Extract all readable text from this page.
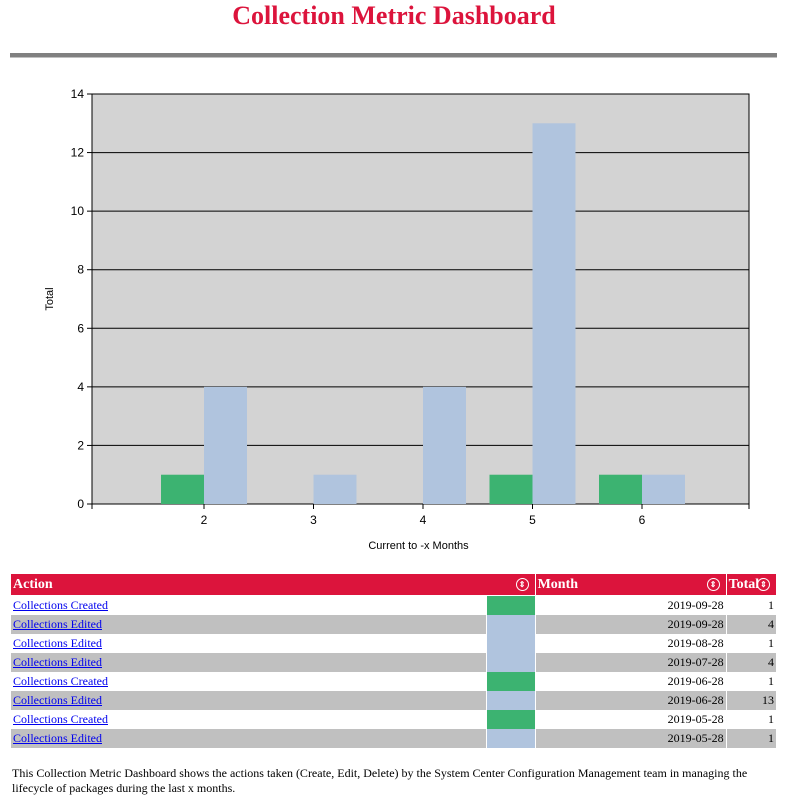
Collection Metric Dashboard
0
2
4
6
8
10
12
14
2	3	4	5	6
Current to -x Months
Total
Action ⇕		Month ⇕	Total ⇕

Collections Created		2019-09-28	1
Collections Edited		2019-09-28	4
Collections Edited		2019-08-28	1
Collections Edited		2019-07-28	4
Collections Created		2019-06-28	1
Collections Edited		2019-06-28	13
Collections Created		2019-05-28	1
Collections Edited		2019-05-28	1

This Collection Metric Dashboard shows the actions taken (Create, Edit, Delete) by the System Center Configuration Management team in managing the lifecycle of packages during the last x months.
